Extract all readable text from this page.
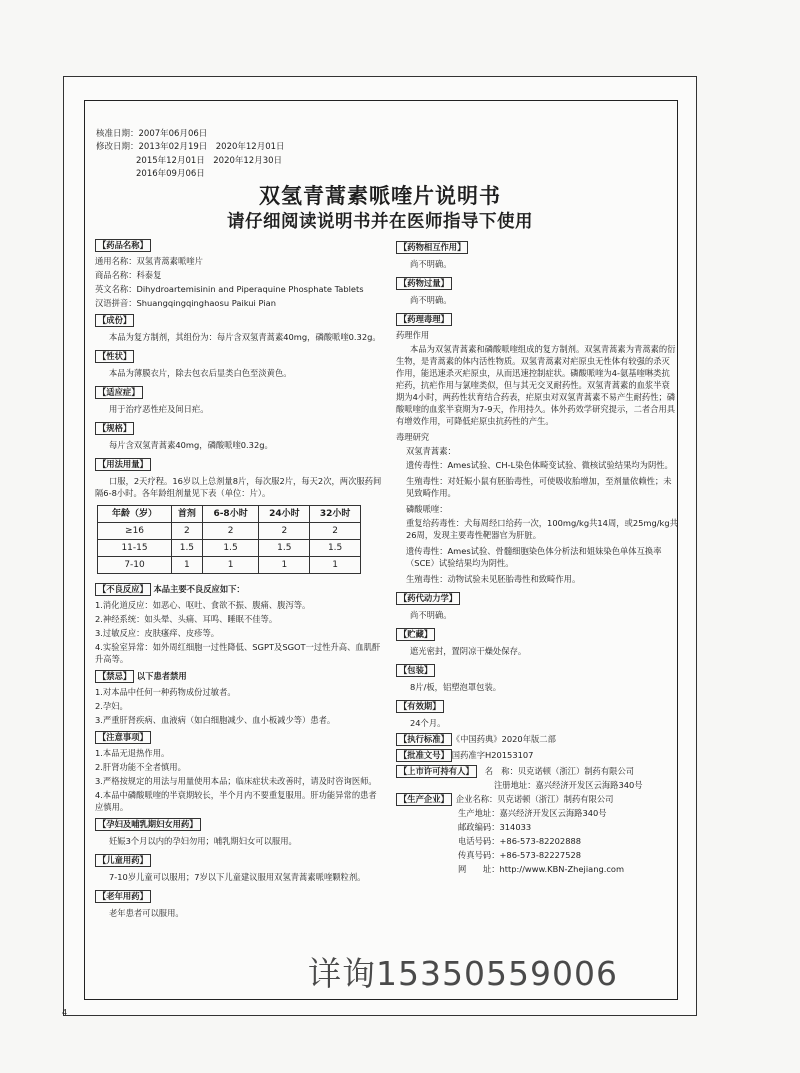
核准日期：2007年06月06日
修改日期：2013年02月19日　2020年12月01日
2015年12月01日　2020年12月30日
2016年09月06日
双氢青蒿素哌喹片说明书
请仔细阅读说明书并在医师指导下使用
【药品名称】
通用名称：双氢青蒿素哌喹片
商品名称：科泰复
英文名称：Dihydroartemisinin and Piperaquine Phosphate Tablets
汉语拼音：Shuangqingqinghaosu Paikui Pian
【成份】
本品为复方制剂，其组份为：每片含双氢青蒿素40mg，磷酸哌喹0.32g。
【性状】
本品为薄膜衣片，除去包衣后显类白色至淡黄色。
【适应症】
用于治疗恶性疟及间日疟。
【规格】
每片含双氢青蒿素40mg，磷酸哌喹0.32g。
【用法用量】
口服，2天疗程。16岁以上总剂量8片，每次服2片，每天2次，两次服药间隔6-8小时。各年龄组剂量见下表（单位：片）。
年龄（岁）	首剂	6-8小时	24小时	32小时
≥16	2	2	2	2
11-15	1.5	1.5	1.5	1.5
7-10	1	1	1	1
【不良反应】 本品主要不良反应如下：
1.消化道反应：如恶心、呕吐、食欲不振、腹痛、腹泻等。
2.神经系统：如头晕、头痛、耳鸣、睡眠不佳等。
3.过敏反应：皮肤瘙痒、皮疹等。
4.实验室异常：如外周红细胞一过性降低、SGPT及SGOT一过性升高、血肌酐升高等。
【禁忌】 以下患者禁用
1.对本品中任何一种药物成份过敏者。
2.孕妇。
3.严重肝肾疾病、血液病（如白细胞减少、血小板减少等）患者。
【注意事项】
1.本品无退热作用。
2.肝肾功能不全者慎用。
3.严格按规定的用法与用量使用本品；临床症状未改善时，请及时咨询医师。
4.本品中磷酸哌喹的半衰期较长，半个月内不要重复服用。肝功能异常的患者应慎用。
【孕妇及哺乳期妇女用药】
妊娠3个月以内的孕妇勿用；哺乳期妇女可以服用。
【儿童用药】
7-10岁儿童可以服用；7岁以下儿童建议服用双氢青蒿素哌喹颗粒剂。
【老年用药】
老年患者可以服用。
【药物相互作用】
尚不明确。
【药物过量】
尚不明确。
【药理毒理】
药理作用
本品为双氢青蒿素和磷酸哌喹组成的复方制剂。双氢青蒿素为青蒿素的衍生物，是青蒿素的体内活性物质。双氢青蒿素对疟原虫无性体有较强的杀灭作用，能迅速杀灭疟原虫，从而迅速控制症状。磷酸哌喹为4-氨基喹啉类抗疟药，抗疟作用与氯喹类似，但与其无交叉耐药性。双氢青蒿素的血浆半衰期为4小时，两药性状育结合药表，疟原虫对双氢青蒿素不易产生耐药性；磷酸哌喹的血浆半衰期为7-9天，作用持久。体外药效学研究提示，二者合用具有增效作用，可降低疟原虫抗药性的产生。
毒理研究
双氢青蒿素：
遗传毒性：Ames试验、CH-L染色体畸变试验、微核试验结果均为阴性。
生殖毒性：对妊娠小鼠有胚胎毒性，可使吸收胎增加，至剂量依赖性；未见致畸作用。
磷酸哌喹：
重复给药毒性：犬每周经口给药一次，100mg/kg共14周，或25mg/kg共26周，发现主要毒性靶器官为肝脏。
遗传毒性：Ames试验、骨髓细胞染色体分析法和姐妹染色单体互换率（SCE）试验结果均为阴性。
生殖毒性：动物试验未见胚胎毒性和致畸作用。
【药代动力学】
尚不明确。
【贮藏】
遮光密封，置阴凉干燥处保存。
【包装】
8片/板，铝塑泡罩包装。
【有效期】
24个月。
【执行标准】 《中国药典》2020年版二部
【批准文号】 国药准字H20153107
【上市许可持有人】	名　称：贝克诺顿（浙江）制药有限公司
注册地址：嘉兴经济开发区云海路340号
【生产企业】 企业名称：贝克诺顿（浙江）制药有限公司
生产地址：嘉兴经济开发区云海路340号
邮政编码：314033
电话号码：+86-573-82202888
传真号码：+86-573-82227528
网　　址：http://www.KBN-Zhejiang.com
详询15350559006
4
